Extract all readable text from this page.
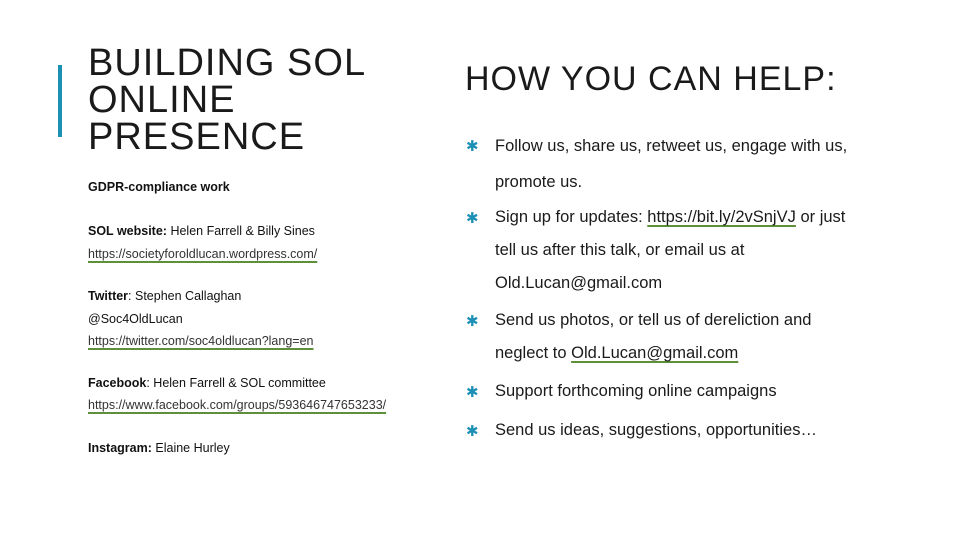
BUILDING SOL
ONLINE
PRESENCE
GDPR-compliance work
SOL website: Helen Farrell & Billy Sines
https://societyforoldlucan.wordpress.com/
Twitter: Stephen Callaghan
@Soc4OldLucan
https://twitter.com/soc4oldlucan?lang=en
Facebook: Helen Farrell & SOL committee
https://www.facebook.com/groups/593646747653233/
Instagram: Elaine Hurley
HOW YOU CAN HELP:
✱ Follow us, share us, retweet us, engage with us,
promote us.
✱ Sign up for updates: https://bit.ly/2vSnjVJ or just
tell us after this talk, or email us at
Old.Lucan@gmail.com
✱ Send us photos, or tell us of dereliction and
neglect to Old.Lucan@gmail.com
✱ Support forthcoming online campaigns
✱ Send us ideas, suggestions, opportunities…
